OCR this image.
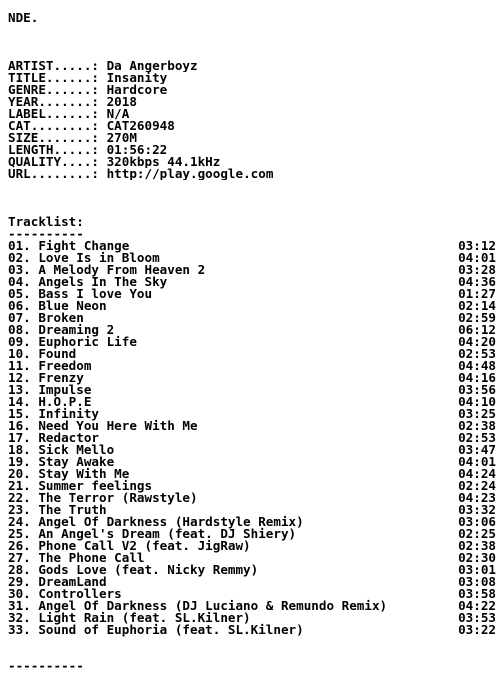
NDE.
ARTIST.....: Da Angerboyz
TITLE......: Insanity
GENRE......: Hardcore
YEAR.......: 2018
LABEL......: N/A
CAT........: CAT260948
SIZE.......: 270M
LENGTH.....: 01:56:22
QUALITY....: 320kbps 44.1kHz
URL........: http://play.google.com
Tracklist:
----------
01. Fight Change	03:12
02. Love Is in Bloom	04:01
03. A Melody From Heaven 2	03:28
04. Angels In The Sky	04:36
05. Bass I love You	01:27
06. Blue Neon	02:14
07. Broken	02:59
08. Dreaming 2	06:12
09. Euphoric Life	04:20
10. Found	02:53
11. Freedom	04:48
12. Frenzy	04:16
13. Impulse	03:56
14. H.O.P.E	04:10
15. Infinity	03:25
16. Need You Here With Me	02:38
17. Redactor	02:53
18. Sick Mello	03:47
19. Stay Awake	04:01
20. Stay With Me	04:24
21. Summer feelings	02:24
22. The Terror (Rawstyle)	04:23
23. The Truth	03:32
24. Angel Of Darkness (Hardstyle Remix)	03:06
25. An Angel's Dream (feat. DJ Shiery)	02:25
26. Phone Call V2 (feat. JigRaw)	02:38
27. The Phone Call	02:30
28. Gods Love (feat. Nicky Remmy)	03:01
29. DreamLand	03:08
30. Controllers	03:58
31. Angel Of Darkness (DJ Luciano & Remundo Remix)	04:22
32. Light Rain (feat. SL.Kilner)	03:53
33. Sound of Euphoria (feat. SL.Kilner)	03:22
----------
